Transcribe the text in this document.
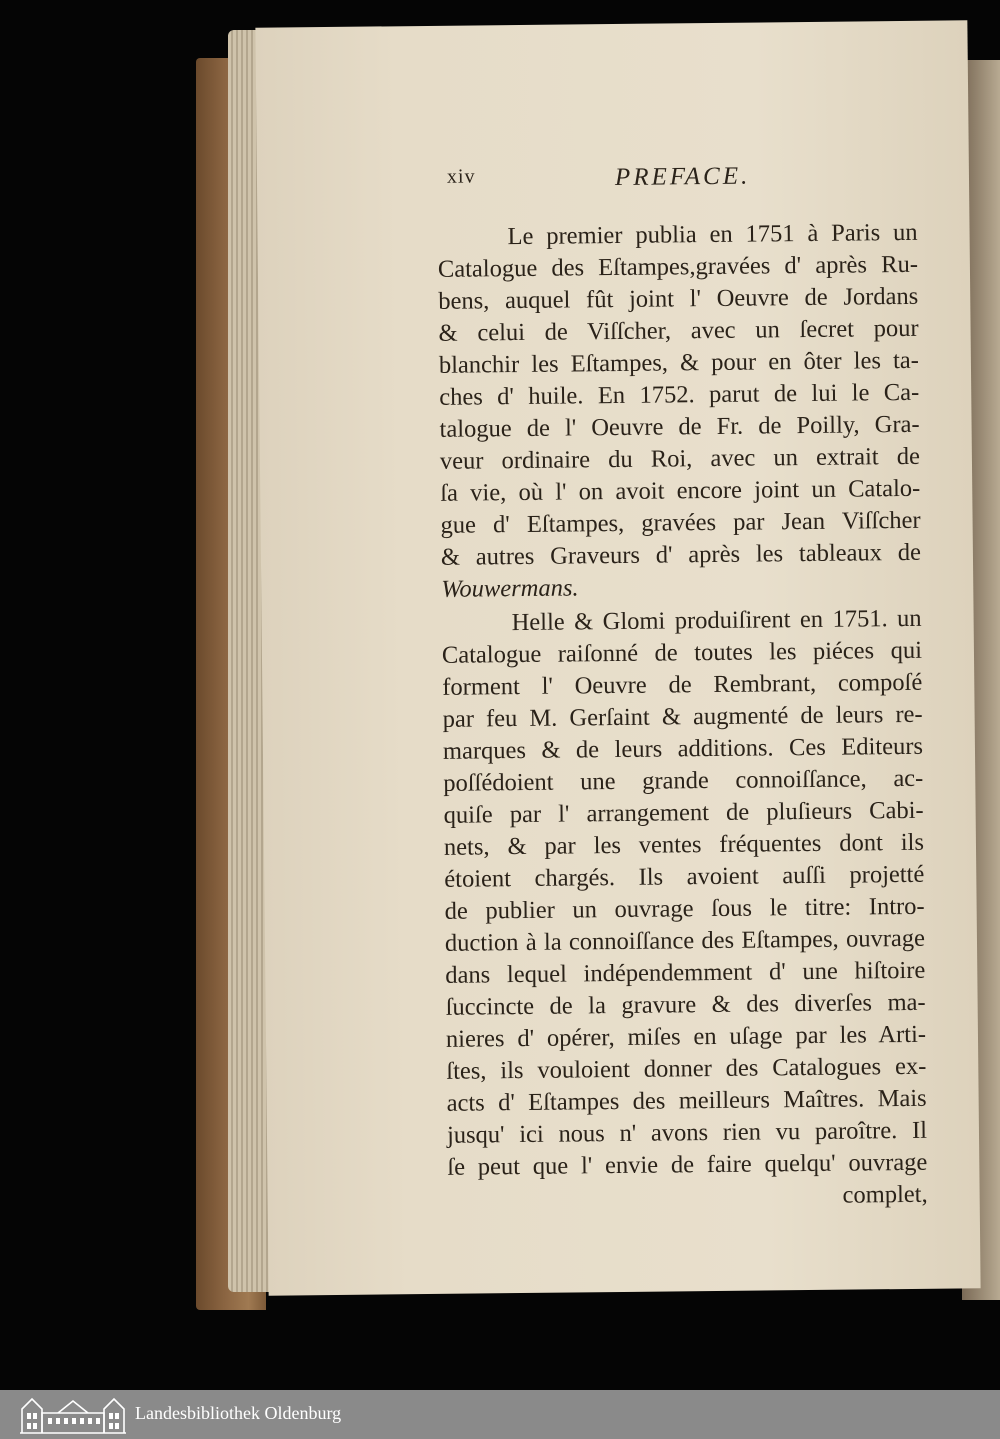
xiv	PREFACE.
Le premier publia en 1751 à Paris un
Catalogue des Eſtampes,gravées d' après Ru-
bens, auquel fût joint l' Oeuvre de Jordans
& celui de Viſſcher, avec un ſecret pour
blanchir les Eſtampes, & pour en ôter les ta-
ches d' huile. En 1752. parut de lui le Ca-
talogue de l' Oeuvre de Fr. de Poilly, Gra-
veur ordinaire du Roi, avec un extrait de
ſa vie, où l' on avoit encore joint un Catalo-
gue d' Eſtampes, gravées par Jean Viſſcher
& autres Graveurs d' après les tableaux de
Wouwermans.
Helle & Glomi produiſirent en 1751. un
Catalogue raiſonné de toutes les piéces qui
forment l' Oeuvre de Rembrant, compoſé
par feu M. Gerſaint & augmenté de leurs re-
marques & de leurs additions. Ces Editeurs
poſſédoient une grande connoiſſance, ac-
quiſe par l' arrangement de pluſieurs Cabi-
nets, & par les ventes fréquentes dont ils
étoient chargés. Ils avoient auſſi projetté
de publier un ouvrage ſous le titre: Intro-
duction à la connoiſſance des Eſtampes, ouvrage
dans lequel indépendemment d' une hiſtoire
ſuccincte de la gravure & des diverſes ma-
nieres d' opérer, miſes en uſage par les Arti-
ſtes, ils vouloient donner des Catalogues ex-
acts d' Eſtampes des meilleurs Maîtres. Mais
jusqu' ici nous n' avons rien vu paroître. Il
ſe peut que l' envie de faire quelqu' ouvrage
complet,
Landesbibliothek Oldenburg
